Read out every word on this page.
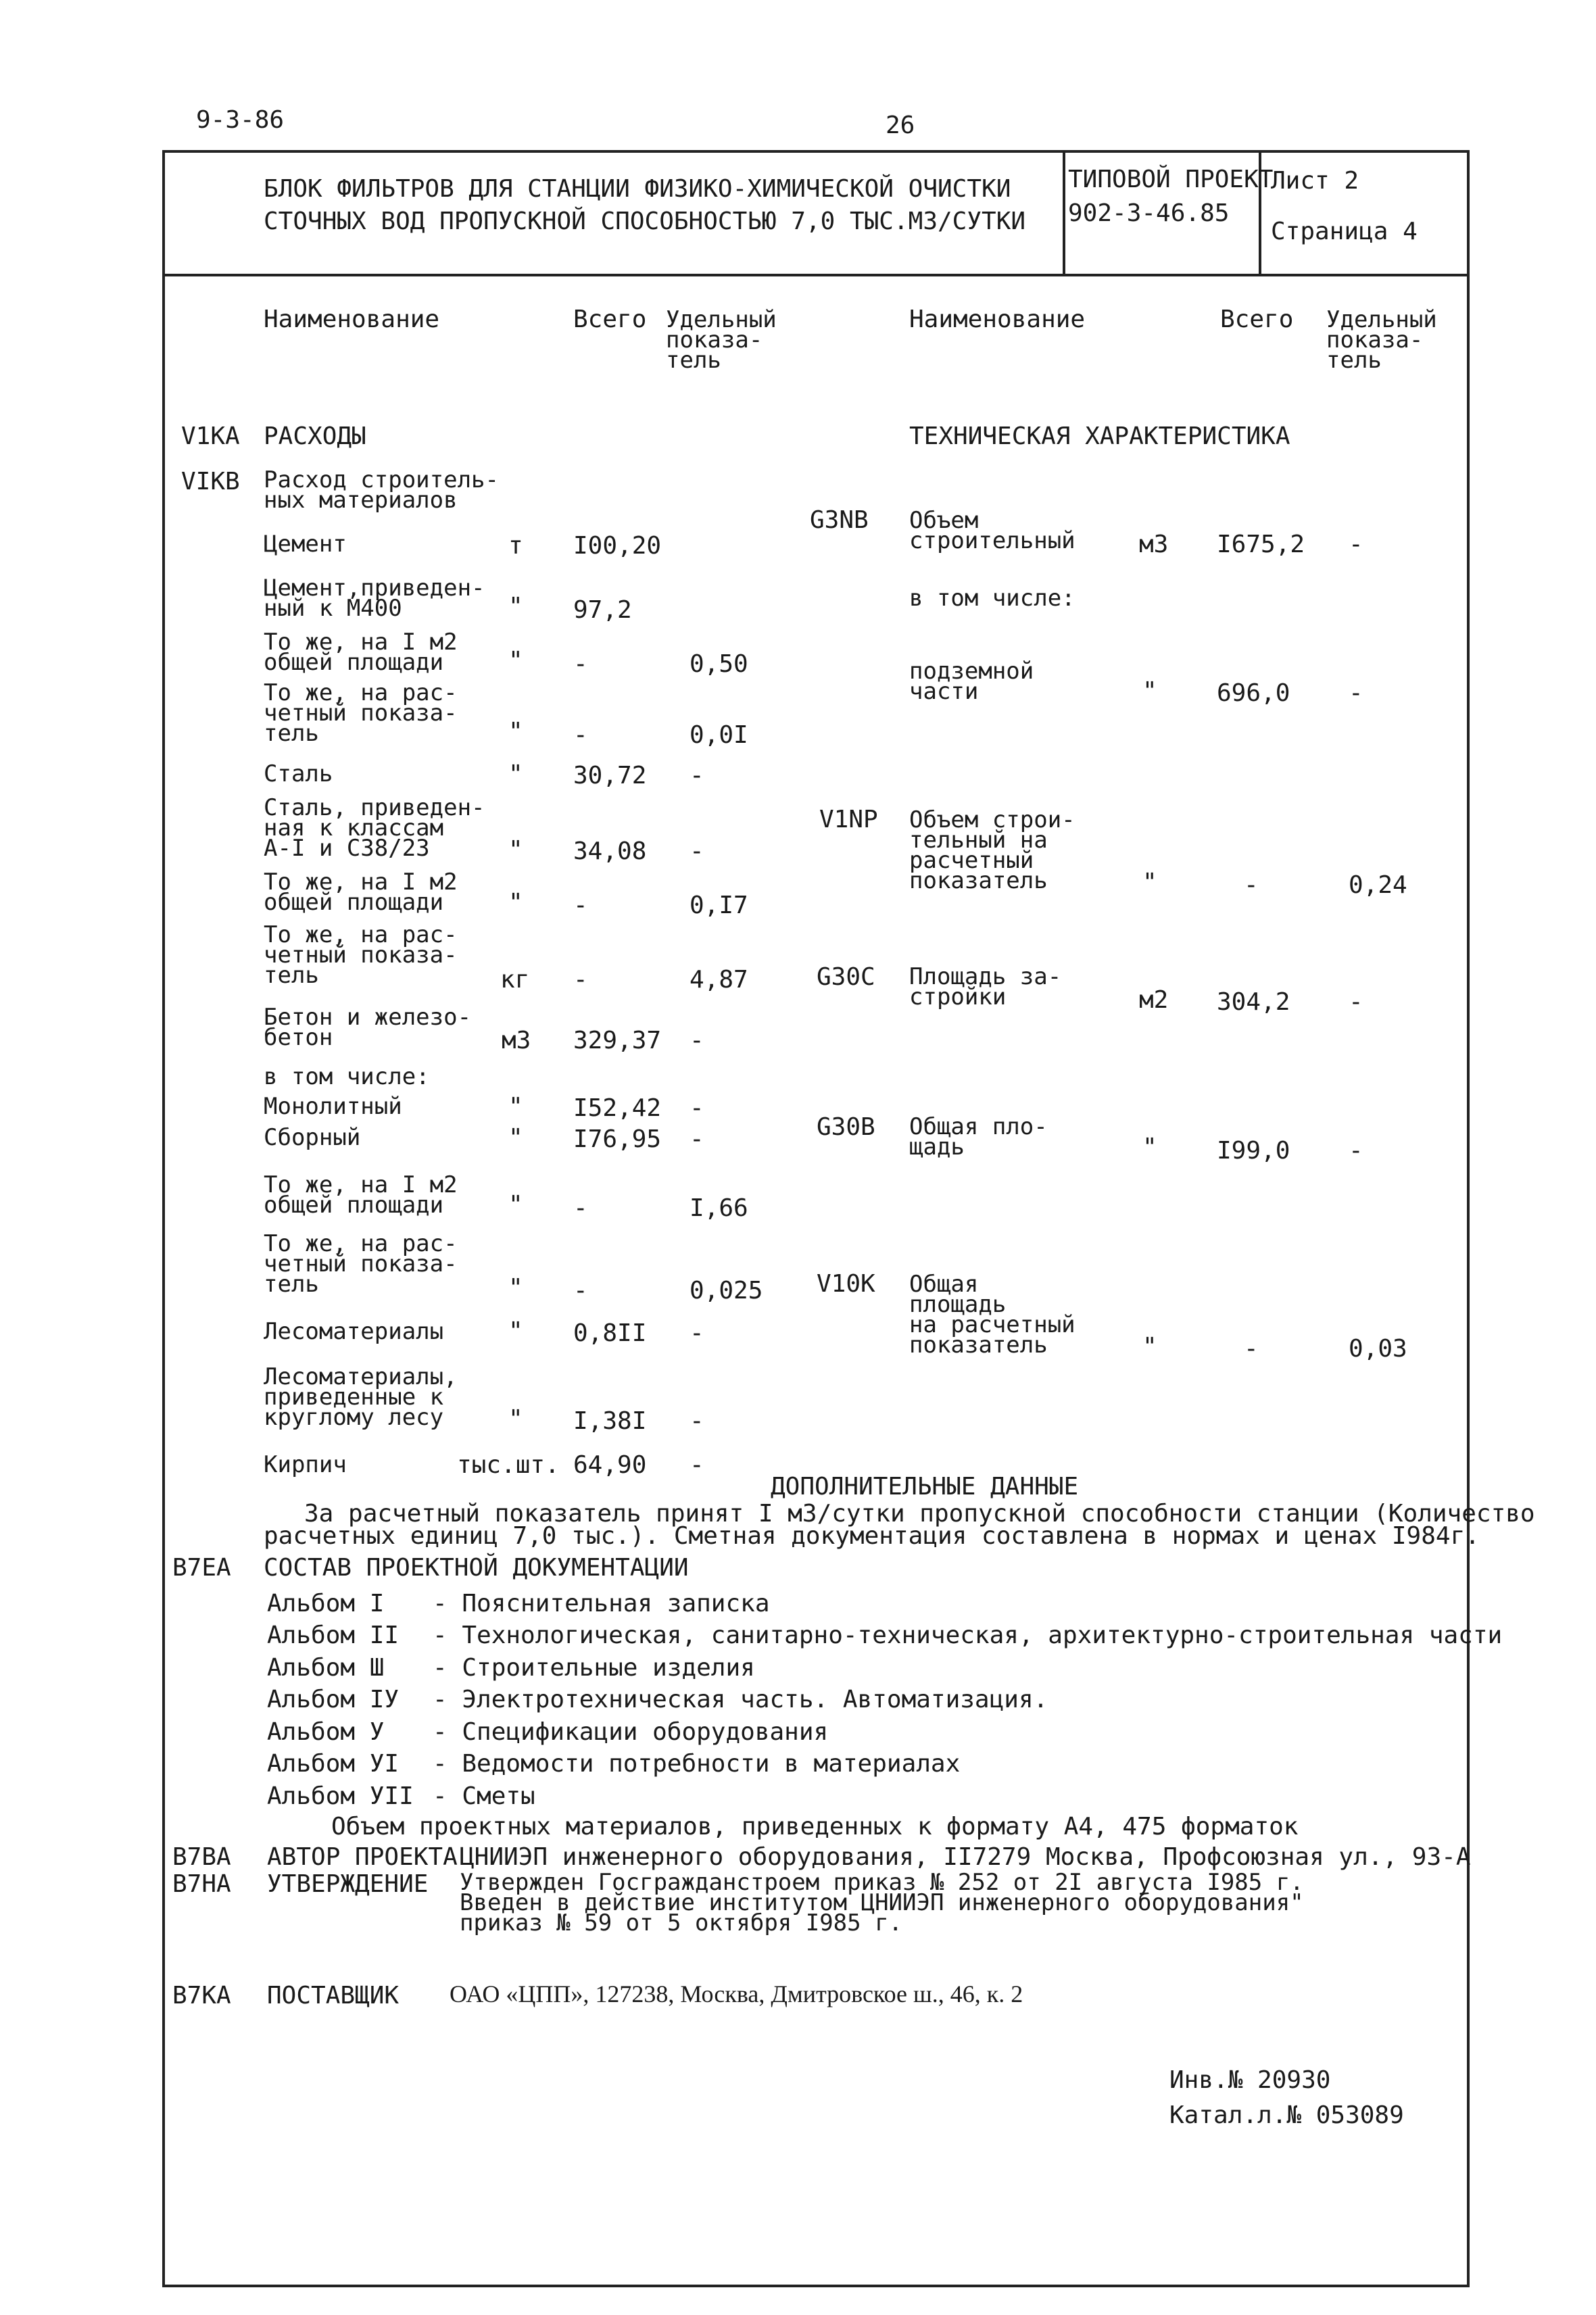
9-3-86	26
БЛОК ФИЛЬТРОВ ДЛЯ СТАНЦИИ ФИЗИКО-ХИМИЧЕСКОЙ ОЧИСТКИ
СТОЧНЫХ ВОД ПРОПУСКНОЙ СПОСОБНОСТЬЮ 7,0 ТЫС.М3/СУТКИ
ТИПОВОЙ ПРОЕКТ
902-3-46.85
Лист 2
Страница 4
Наименование	Всего Удельный
показа-
тель
Наименование	Всего Удельный
показа-
тель
V1KA РАСХОДЫ
VIKB Расход строитель-
ных материалов
Цемент	т I00,20
Цемент,приведен-
ный к М400	" 97,2
То же, на I м2
общей площади	" -	0,50
То же, на рас-
четный показа-
тель	" -	0,0I
Сталь	" 30,72 -
Сталь, приведен-
ная к классам
А-I и С38/23	" 34,08 -
То же, на I м2
общей площади	" -	0,I7
То же, на рас-
четный показа-
тель	кг -	4,87
Бетон и железо-
бетон	м3 329,37 -
в том числе:
Монолитный	" I52,42 -
Сборный	" I76,95 -
То же, на I м2
общей площади	" -	I,66
То же, на рас-
четный показа-
тель	" -	0,025
Лесоматериалы	" 0,8II -
Лесоматериалы,
приведенные к
круглому лесу	" I,38I -
Кирпич	тыс.шт. 64,90 -
ТЕХНИЧЕСКАЯ ХАРАКТЕРИСТИКА
G3NB Объем
строительный	м3 I675,2 -
в том числе:
подземной
части	" 696,0 -
V1NP Объем строи-
тельный на
расчетный
показатель	"	-	0,24
G30C Площадь за-
стройки	м2 304,2 -
G30B Общая пло-
щадь	" I99,0 -
V10K Общая
площадь
на расчетный
показатель	"	-	0,03
ДОПОЛНИТЕЛЬНЫЕ ДАННЫЕ
За расчетный показатель принят I м3/сутки пропускной способности станции (Количество
расчетных единиц 7,0 тыс.). Сметная документация составлена в нормах и ценах I984г.
B7EA СОСТАВ ПРОЕКТНОЙ ДОКУМЕНТАЦИИ
Альбом I - Пояснительная записка
Альбом II - Технологическая, санитарно-техническая, архитектурно-строительная части
Альбом Ш - Строительные изделия
Альбом IУ - Электротехническая часть. Автоматизация.
Альбом У - Спецификации оборудования
Альбом УI - Ведомости потребности в материалах
Альбом УII - Сметы
Объем проектных материалов, приведенных к формату А4, 475 форматок
B7BA АВТОР ПРОЕКТА ЦНИИЭП инженерного оборудования, II7279 Москва, Профсоюзная ул., 93-А
B7HA УТВЕРЖДЕНИЕ Утвержден Госгражданстроем приказ № 252 от 2I августа I985 г.
Введен в действие институтом ЦНИИЭП инженерного оборудования"
приказ № 59 от 5 октября I985 г.
B7KA ПОСТАВЩИК ОАО «ЦПП», 127238, Москва, Дмитровское ш., 46, к. 2
Инв.№ 20930
Катал.л.№ 053089
